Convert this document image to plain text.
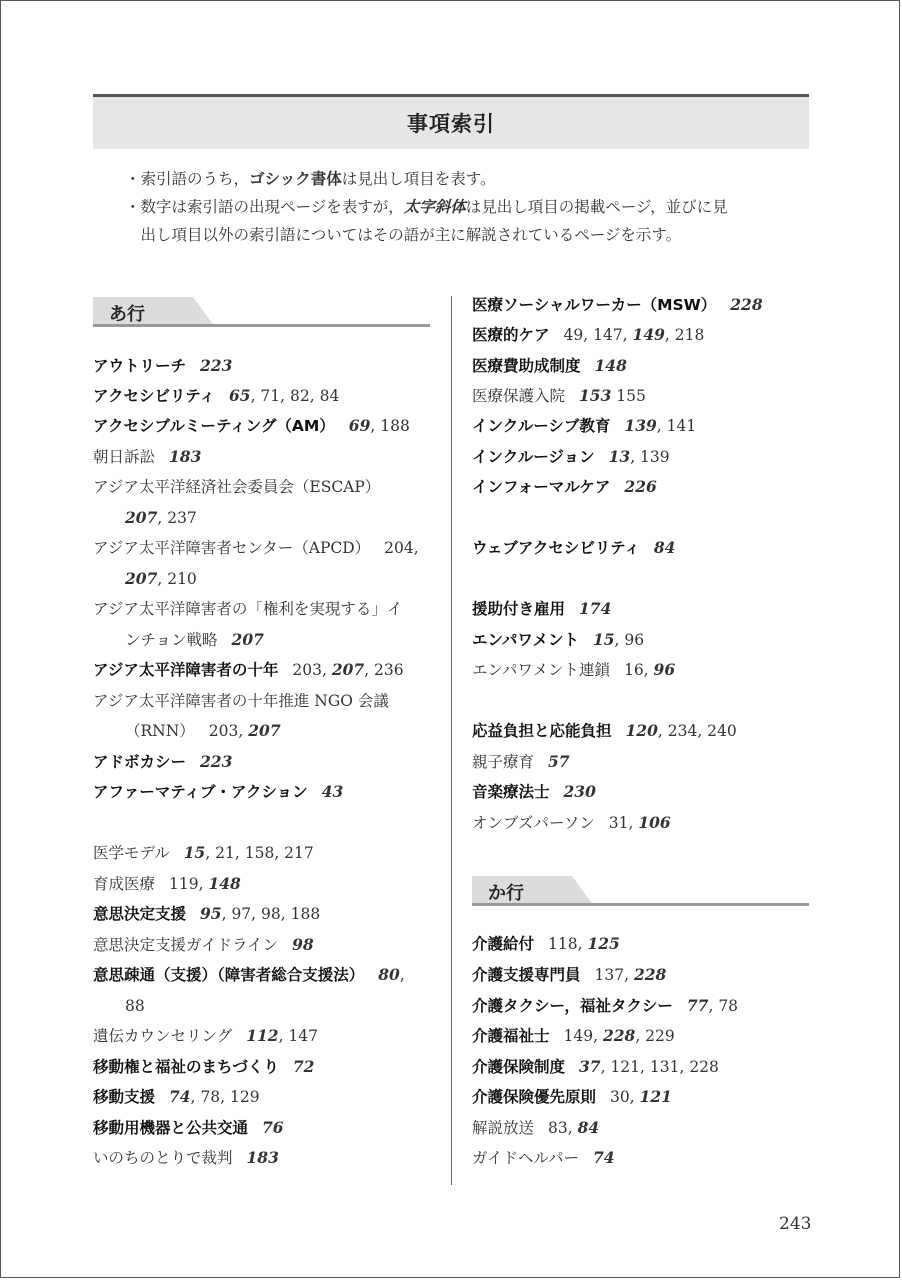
事項索引
・索引語のうち，ゴシック書体は見出し項目を表す。
・数字は索引語の出現ページを表すが，太字斜体は見出し項目の掲載ページ，並びに見
　出し項目以外の索引語についてはその語が主に解説されているページを示す。
あ行
か行
アウトリーチ 223
アクセシビリティ 65, 71, 82, 84
アクセシブルミーティング（AM） 69, 188
朝日訴訟 183
アジア太平洋経済社会委員会（ESCAP）
207, 237
アジア太平洋障害者センター（APCD） 204,
207, 210
アジア太平洋障害者の「権利を実現する」イ
ンチョン戦略 207
アジア太平洋障害者の十年 203, 207, 236
アジア太平洋障害者の十年推進 NGO 会議
（RNN） 203, 207
アドボカシー 223
アファーマティブ・アクション 43
医学モデル 15, 21, 158, 217
育成医療 119, 148
意思決定支援 95, 97, 98, 188
意思決定支援ガイドライン 98
意思疎通（支援）（障害者総合支援法） 80,
88
遺伝カウンセリング 112, 147
移動権と福祉のまちづくり 72
移動支援 74, 78, 129
移動用機器と公共交通 76
いのちのとりで裁判 183
医療ソーシャルワーカー（MSW） 228
医療的ケア 49, 147, 149, 218
医療費助成制度 148
医療保護入院 153 155
インクルーシブ教育 139, 141
インクルージョン 13, 139
インフォーマルケア 226
ウェブアクセシビリティ 84
援助付き雇用 174
エンパワメント 15, 96
エンパワメント連鎖 16, 96
応益負担と応能負担 120, 234, 240
親子療育 57
音楽療法士 230
オンブズパーソン 31, 106
介護給付 118, 125
介護支援専門員 137, 228
介護タクシー，福祉タクシー 77, 78
介護福祉士 149, 228, 229
介護保険制度 37, 121, 131, 228
介護保険優先原則 30, 121
解説放送 83, 84
ガイドヘルパー 74
243
